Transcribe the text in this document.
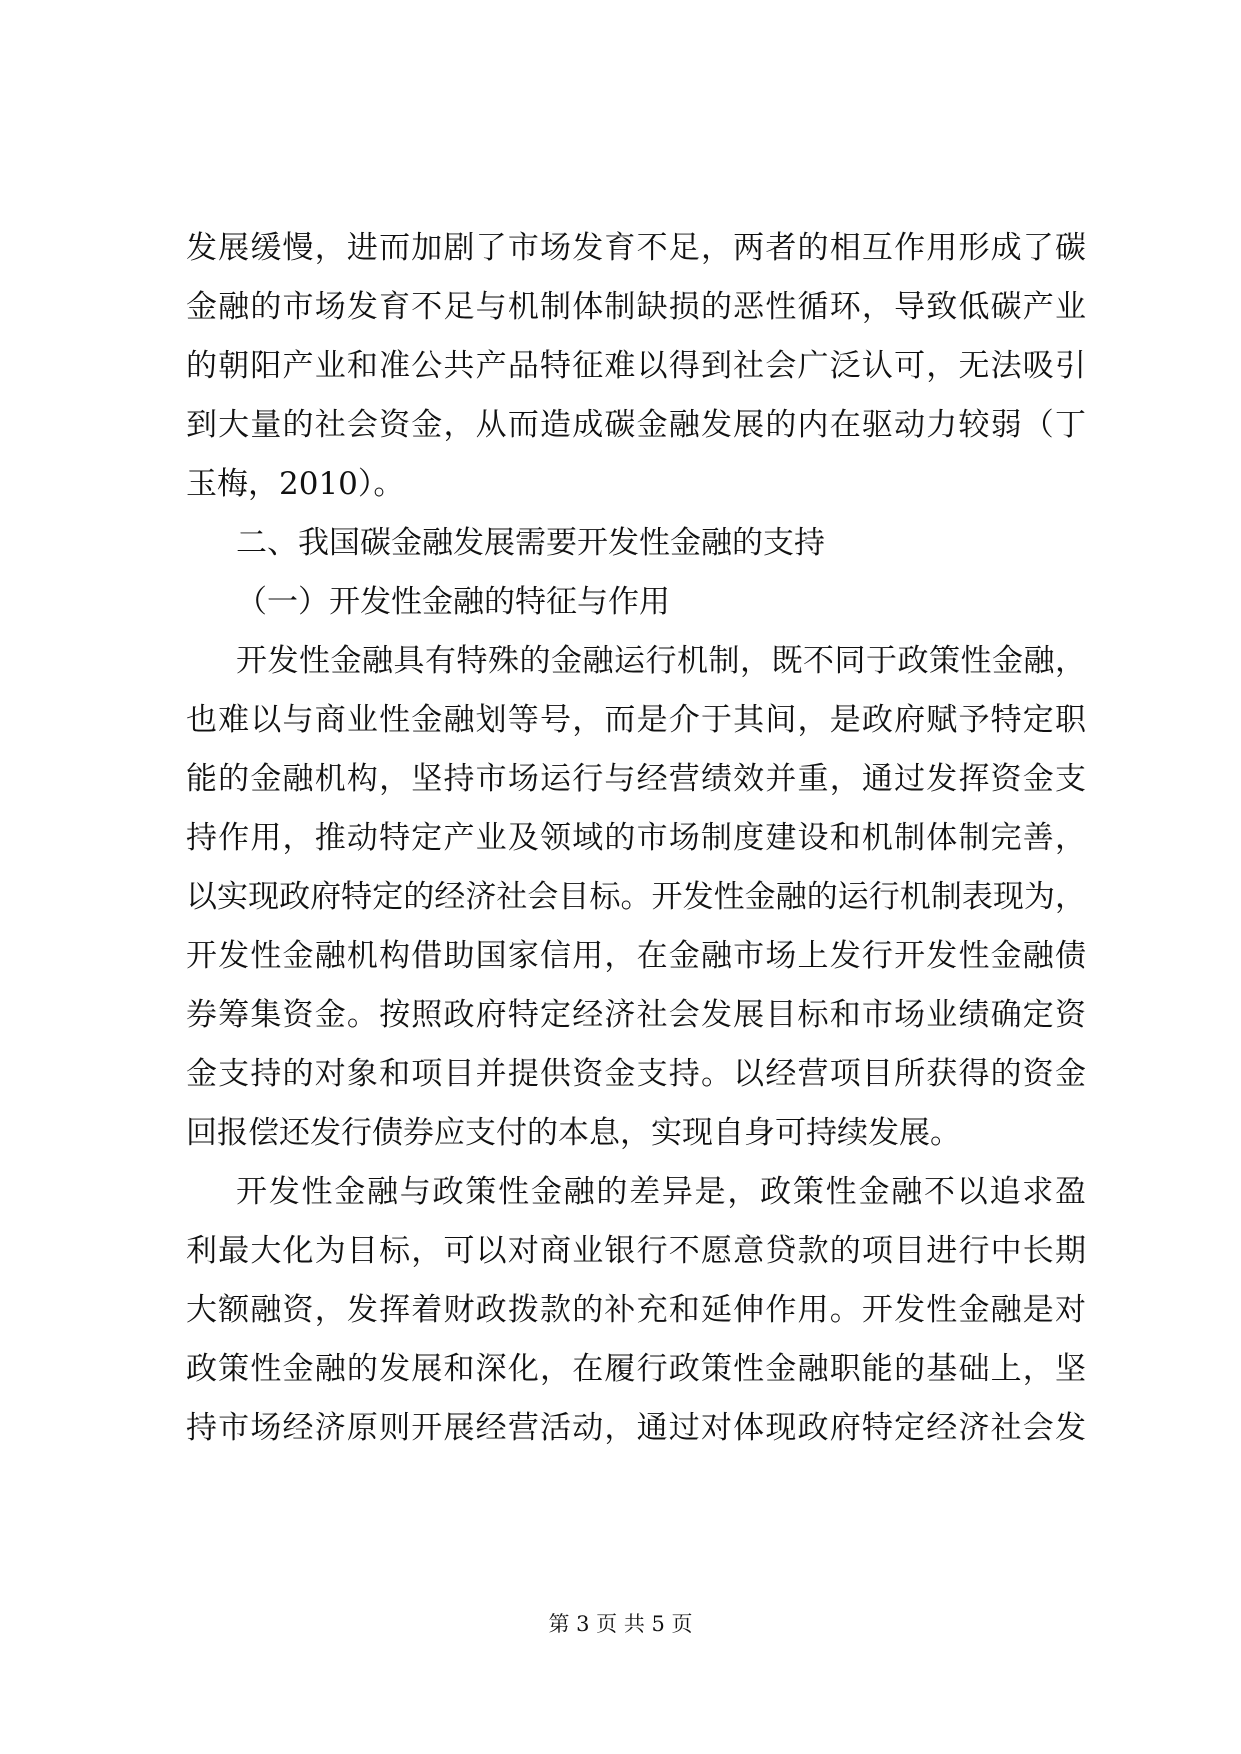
发展缓慢，进而加剧了市场发育不足，两者的相互作用形成了碳
金融的市场发育不足与机制体制缺损的恶性循环，导致低碳产业
的朝阳产业和准公共产品特征难以得到社会广泛认可，无法吸引
到大量的社会资金，从而造成碳金融发展的内在驱动力较弱（丁
玉梅，2010）。
二、我国碳金融发展需要开发性金融的支持
（一）开发性金融的特征与作用
开发性金融具有特殊的金融运行机制，既不同于政策性金融，
也难以与商业性金融划等号，而是介于其间，是政府赋予特定职
能的金融机构，坚持市场运行与经营绩效并重，通过发挥资金支
持作用，推动特定产业及领域的市场制度建设和机制体制完善，
以实现政府特定的经济社会目标。开发性金融的运行机制表现为，
开发性金融机构借助国家信用，在金融市场上发行开发性金融债
券筹集资金。按照政府特定经济社会发展目标和市场业绩确定资
金支持的对象和项目并提供资金支持。以经营项目所获得的资金
回报偿还发行债券应支付的本息，实现自身可持续发展。
开发性金融与政策性金融的差异是，政策性金融不以追求盈
利最大化为目标，可以对商业银行不愿意贷款的项目进行中长期
大额融资，发挥着财政拨款的补充和延伸作用。开发性金融是对
政策性金融的发展和深化，在履行政策性金融职能的基础上，坚
持市场经济原则开展经营活动，通过对体现政府特定经济社会发
第 3 页 共 5 页
